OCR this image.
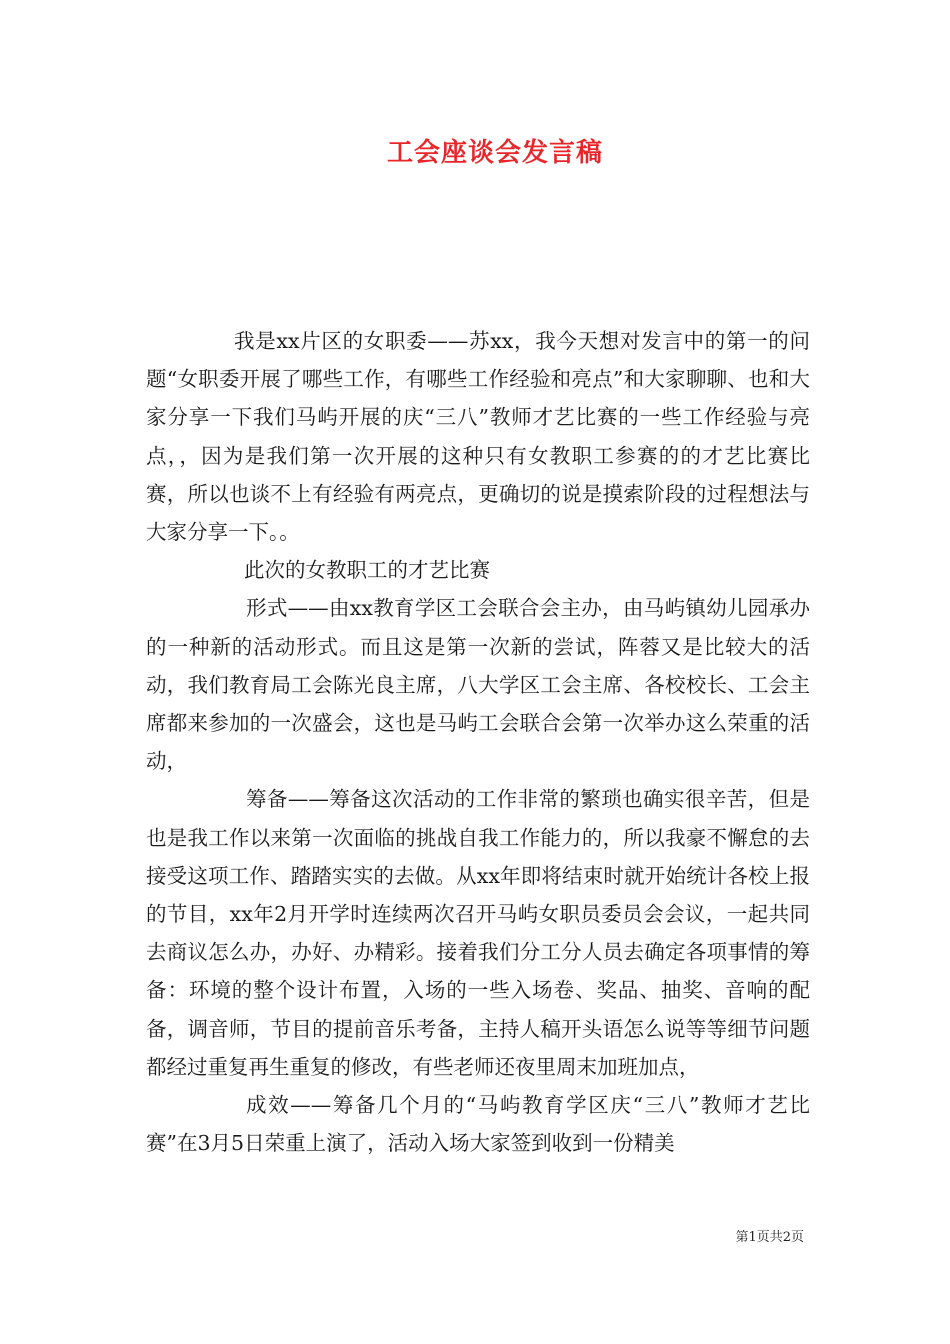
工会座谈会发言稿

我是xx片区的女职委——苏xx，我今天想对发言中的第一的问题“女职委开展了哪些工作，有哪些工作经验和亮点”和大家聊聊、也和大家分享一下我们马屿开展的庆“三八”教师才艺比赛的一些工作经验与亮点，，因为是我们第一次开展的这种只有女教职工参赛的的才艺比赛比赛，所以也谈不上有经验有两亮点，更确切的说是摸索阶段的过程想法与大家分享一下。。

此次的女教职工的才艺比赛

形式——由xx教育学区工会联合会主办，由马屿镇幼儿园承办的一种新的活动形式。而且这是第一次新的尝试，阵蓉又是比较大的活动，我们教育局工会陈光良主席，八大学区工会主席、各校校长、工会主席都来参加的一次盛会，这也是马屿工会联合会第一次举办这么荣重的活动，

筹备——筹备这次活动的工作非常的繁琐也确实很辛苦，但是也是我工作以来第一次面临的挑战自我工作能力的，所以我豪不懈怠的去接受这项工作、踏踏实实的去做。从xx年即将结束时就开始统计各校上报的节目，xx年2月开学时连续两次召开马屿女职员委员会会议，一起共同去商议怎么办，办好、办精彩。接着我们分工分人员去确定各项事情的筹备：环境的整个设计布置，入场的一些入场卷、奖品、抽奖、音响的配备，调音师，节目的提前音乐考备，主持人稿开头语怎么说等等细节问题都经过重复再生重复的修改，有些老师还夜里周末加班加点，

成效——筹备几个月的“马屿教育学区庆“三八”教师才艺比赛”在3月5日荣重上演了，活动入场大家签到收到一份精美

第1页共2页
